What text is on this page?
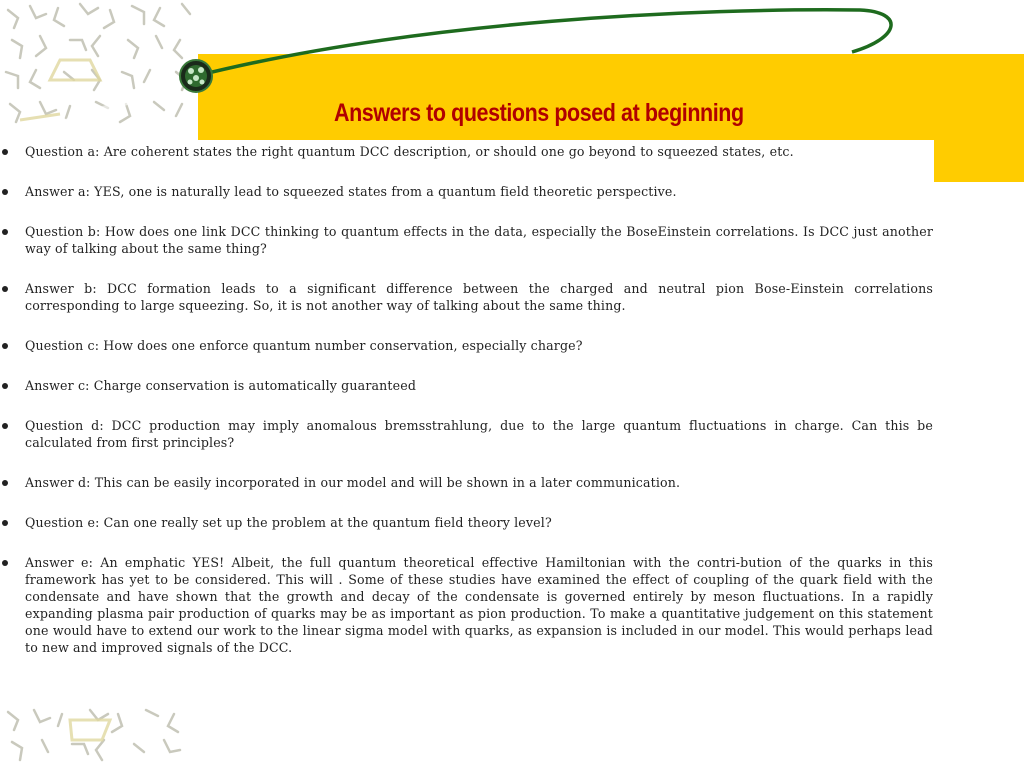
Answers to questions posed at beginning
Question a: Are coherent states the right quantum DCC description, or should one go beyond to squeezed states, etc.
Answer a: YES, one is naturally lead to squeezed states from a quantum field theoretic perspective.
Question b: How does one link DCC thinking to quantum effects in the data, especially the BoseEinstein correlations. Is DCC just another way of talking about the same thing?
Answer b: DCC formation leads to a significant difference between the charged and neutral pion Bose-Einstein correlations corresponding to large squeezing. So, it is not another way of talking about the same thing.
Question c: How does one enforce quantum number conservation, especially charge?
Answer c: Charge conservation is automatically guaranteed
Question d: DCC production may imply anomalous bremsstrahlung, due to the large quantum fluctuations in charge. Can this be calculated from first principles?
Answer d: This can be easily incorporated in our model and will be shown in a later communication.
Question e: Can one really set up the problem at the quantum field theory level?
Answer e: An emphatic YES! Albeit, the full quantum theoretical effective Hamiltonian with the contri-bution of the quarks in this framework has yet to be considered. This will . Some of these studies have examined the effect of coupling of the quark field with the condensate and have shown that the growth and decay of the condensate is governed entirely by meson fluctuations. In a rapidly expanding plasma pair production of quarks may be as important as pion production. To make a quantitative judgement on this statement one would have to extend our work to the linear sigma model with quarks, as expansion is included in our model. This would perhaps lead to new and improved signals of the DCC.
